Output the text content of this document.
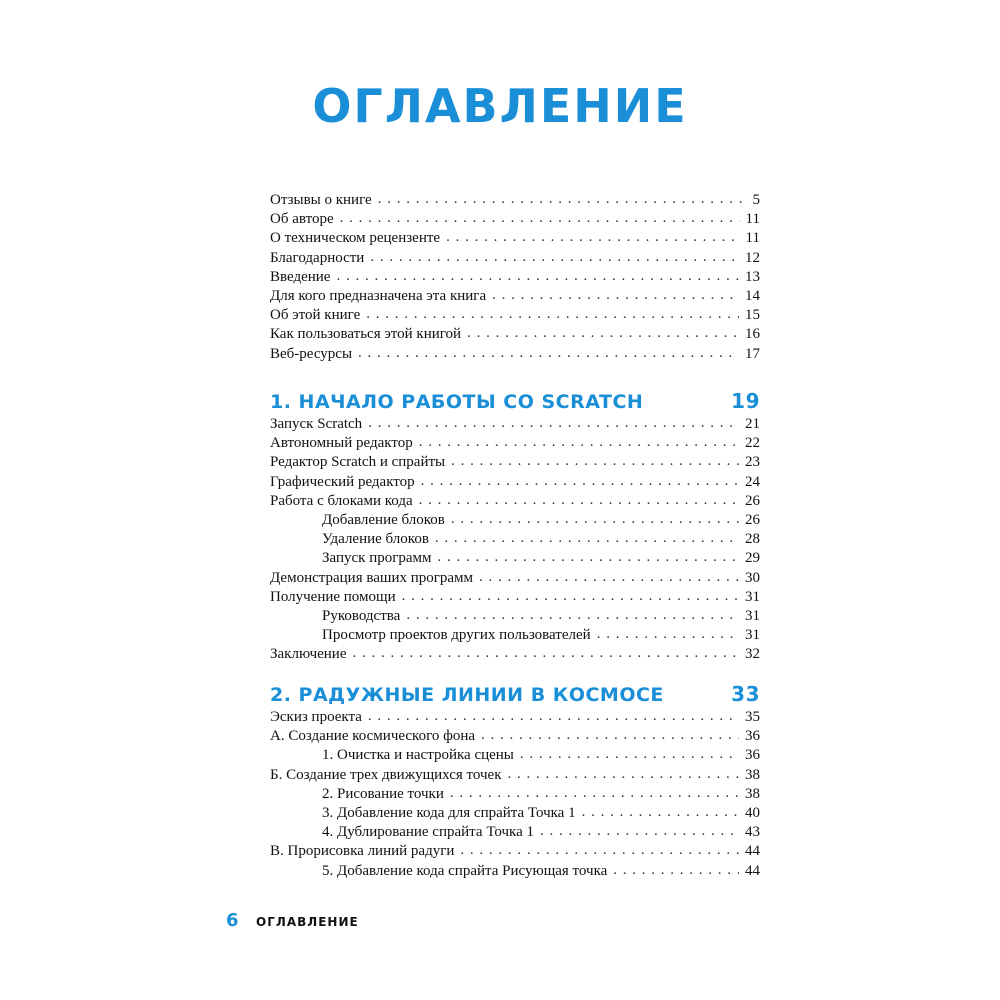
ОГЛАВЛЕНИЕ
Отзывы о книге . . .	5
Об авторе . . .	11
О техническом рецензенте . . .	11
Благодарности . . .	12
Введение . . .	13
Для кого предназначена эта книга . . .	14
Об этой книге . . .	15
Как пользоваться этой книгой . . .	16
Веб-ресурсы . . .	17
1. НАЧАЛО РАБОТЫ СО SCRATCH	19
Запуск Scratch . . .	21
Автономный редактор . . .	22
Редактор Scratch и спрайты . . .	23
Графический редактор . . .	24
Работа с блоками кода . . .	26
Добавление блоков . . .	26
Удаление блоков . . .	28
Запуск программ . . .	29
Демонстрация ваших программ . . .	30
Получение помощи . . .	31
Руководства . . .	31
Просмотр проектов других пользователей . . .	31
Заключение . . .	32
2. РАДУЖНЫЕ ЛИНИИ В КОСМОСЕ	33
Эскиз проекта . . .	35
А. Создание космического фона . . .	36
1. Очистка и настройка сцены . . .	36
Б. Создание трех движущихся точек . . .	38
2. Рисование точки . . .	38
3. Добавление кода для спрайта Точка 1 . . .	40
4. Дублирование спрайта Точка 1 . . .	43
В. Прорисовка линий радуги . . .	44
5. Добавление кода спрайта Рисующая точка . . .	44
6	ОГЛАВЛЕНИЕ
